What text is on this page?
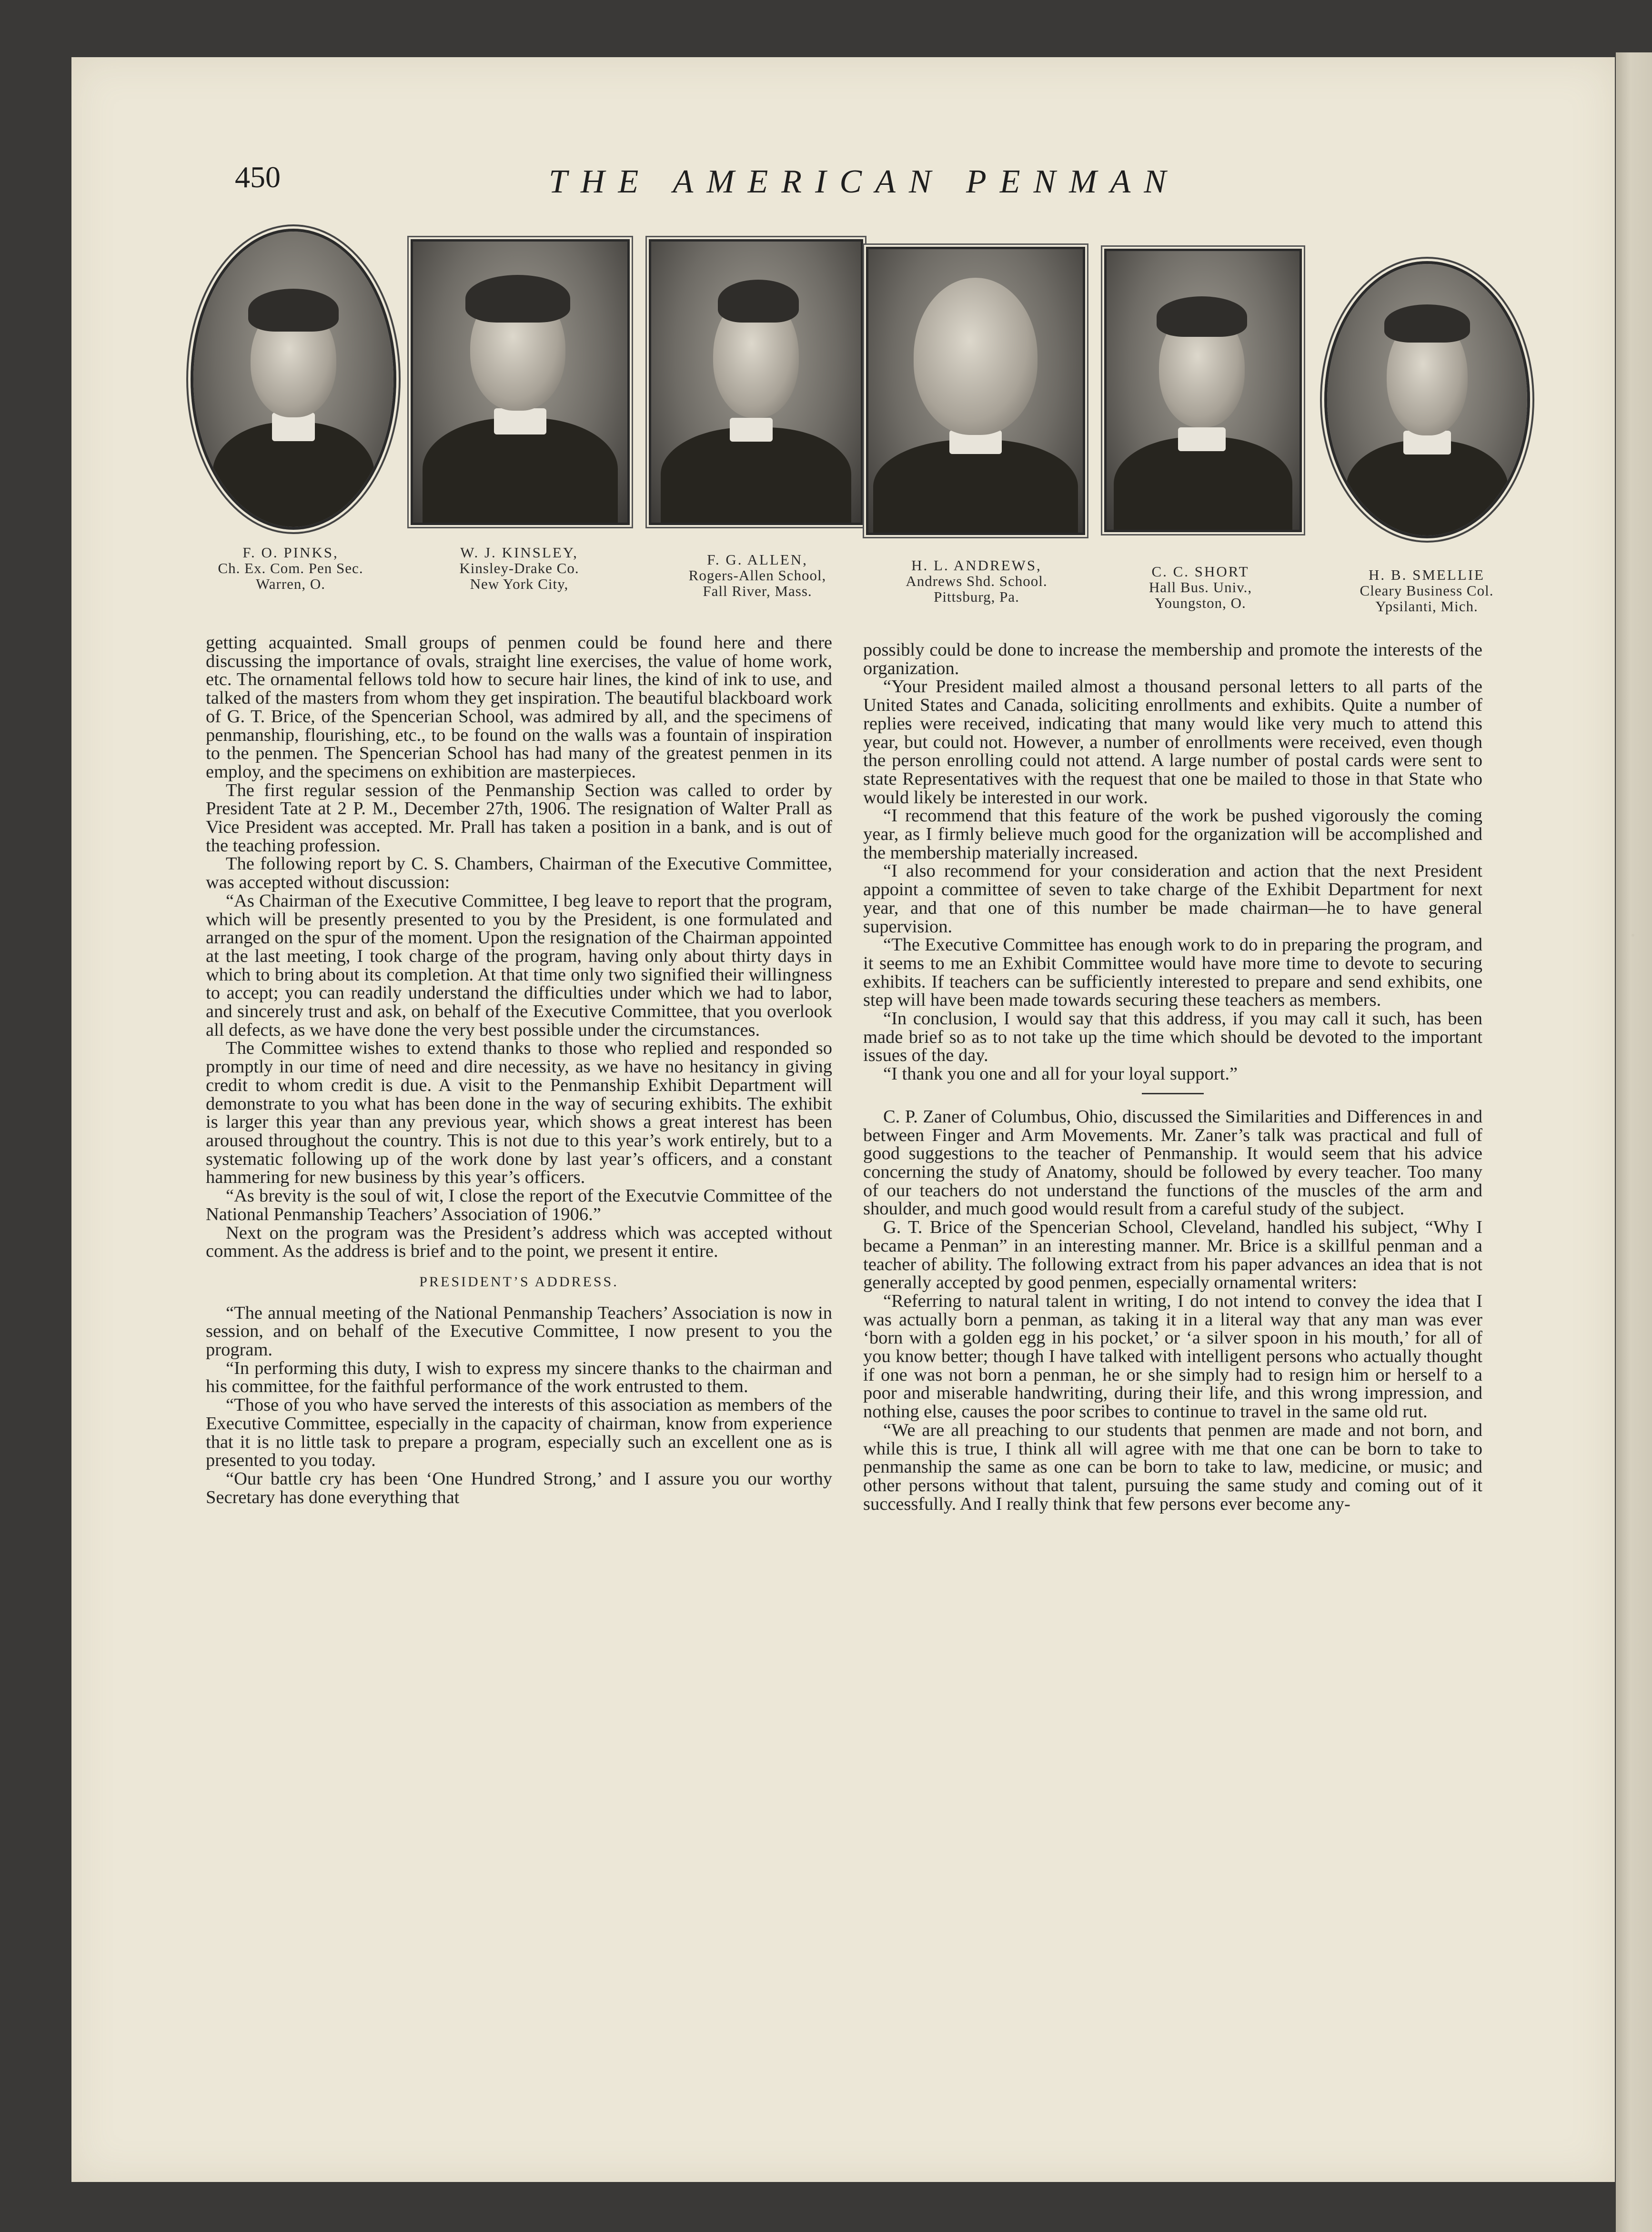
450	THE AMERICAN PENMAN
F. O. PINKS,
Ch. Ex. Com. Pen Sec.
Warren, O.
W. J. KINSLEY,
Kinsley-Drake Co.
New York City,
F. G. ALLEN,
Rogers-Allen School,
Fall River, Mass.
H. L. ANDREWS,
Andrews Shd. School.
Pittsburg, Pa.
C. C. SHORT
Hall Bus. Univ.,
Youngston, O.
H. B. SMELLIE
Cleary Business Col.
Ypsilanti, Mich.

getting acquainted. Small groups of penmen could be found here and there discussing the importance of ovals, straight line exercises, the value of home work, etc. The ornamental fellows told how to secure hair lines, the kind of ink to use, and talked of the masters from whom they get inspiration. The beautiful blackboard work of G. T. Brice, of the Spencerian School, was admired by all, and the specimens of penmanship, flourishing, etc., to be found on the walls was a fountain of inspiration to the penmen. The Spencerian School has had many of the greatest penmen in its employ, and the specimens on exhibition are masterpieces.

The first regular session of the Penmanship Section was called to order by President Tate at 2 P. M., December 27th, 1906. The resignation of Walter Prall as Vice President was accepted. Mr. Prall has taken a position in a bank, and is out of the teaching profession.

The following report by C. S. Chambers, Chairman of the Executive Committee, was accepted without discussion:

“As Chairman of the Executive Committee, I beg leave to report that the program, which will be presently presented to you by the President, is one formulated and arranged on the spur of the moment. Upon the resignation of the Chairman appointed at the last meeting, I took charge of the program, having only about thirty days in which to bring about its completion. At that time only two signified their willingness to accept; you can readily understand the difficulties under which we had to labor, and sincerely trust and ask, on behalf of the Executive Committee, that you overlook all defects, as we have done the very best possible under the circumstances.

The Committee wishes to extend thanks to those who replied and responded so promptly in our time of need and dire necessity, as we have no hesitancy in giving credit to whom credit is due. A visit to the Penmanship Exhibit Department will demonstrate to you what has been done in the way of securing exhibits. The exhibit is larger this year than any previous year, which shows a great interest has been aroused throughout the country. This is not due to this year’s work entirely, but to a systematic following up of the work done by last year’s officers, and a constant hammering for new business by this year’s officers.

“As brevity is the soul of wit, I close the report of the Executvie Committee of the National Penmanship Teachers’ Association of 1906.”

Next on the program was the President’s address which was accepted without comment. As the address is brief and to the point, we present it entire.

PRESIDENT’S ADDRESS.

“The annual meeting of the National Penmanship Teachers’ Association is now in session, and on behalf of the Executive Committee, I now present to you the program.

“In performing this duty, I wish to express my sincere thanks to the chairman and his committee, for the faithful performance of the work entrusted to them.

“Those of you who have served the interests of this association as members of the Executive Committee, especially in the capacity of chairman, know from experience that it is no little task to prepare a program, especially such an excellent one as is presented to you today.

“Our battle cry has been ‘One Hundred Strong,’ and I assure you our worthy Secretary has done everything that

possibly could be done to increase the membership and promote the interests of the organization.

“Your President mailed almost a thousand personal letters to all parts of the United States and Canada, soliciting enrollments and exhibits. Quite a number of replies were received, indicating that many would like very much to attend this year, but could not. However, a number of enrollments were received, even though the person enrolling could not attend. A large number of postal cards were sent to state Representatives with the request that one be mailed to those in that State who would likely be interested in our work.

“I recommend that this feature of the work be pushed vigorously the coming year, as I firmly believe much good for the organization will be accomplished and the membership materially increased.

“I also recommend for your consideration and action that the next President appoint a committee of seven to take charge of the Exhibit Department for next year, and that one of this number be made chairman—he to have general supervision.

“The Executive Committee has enough work to do in preparing the program, and it seems to me an Exhibit Committee would have more time to devote to securing exhibits. If teachers can be sufficiently interested to prepare and send exhibits, one step will have been made towards securing these teachers as members.

“In conclusion, I would say that this address, if you may call it such, has been made brief so as to not take up the time which should be devoted to the important issues of the day.

“I thank you one and all for your loyal support.”

C. P. Zaner of Columbus, Ohio, discussed the Similarities and Differences in and between Finger and Arm Movements. Mr. Zaner’s talk was practical and full of good suggestions to the teacher of Penmanship. It would seem that his advice concerning the study of Anatomy, should be followed by every teacher. Too many of our teachers do not understand the functions of the muscles of the arm and shoulder, and much good would result from a careful study of the subject.

G. T. Brice of the Spencerian School, Cleveland, handled his subject, “Why I became a Penman” in an interesting manner. Mr. Brice is a skillful penman and a teacher of ability. The following extract from his paper advances an idea that is not generally accepted by good penmen, especially ornamental writers:

“Referring to natural talent in writing, I do not intend to convey the idea that I was actually born a penman, as taking it in a literal way that any man was ever ‘born with a golden egg in his pocket,’ or ‘a silver spoon in his mouth,’ for all of you know better; though I have talked with intelligent persons who actually thought if one was not born a penman, he or she simply had to resign him or herself to a poor and miserable handwriting, during their life, and this wrong impression, and nothing else, causes the poor scribes to continue to travel in the same old rut.

“We are all preaching to our students that penmen are made and not born, and while this is true, I think all will agree with me that one can be born to take to penmanship the same as one can be born to take to law, medicine, or music; and other persons without that talent, pursuing the same study and coming out of it successfully. And I really think that few persons ever become any-
